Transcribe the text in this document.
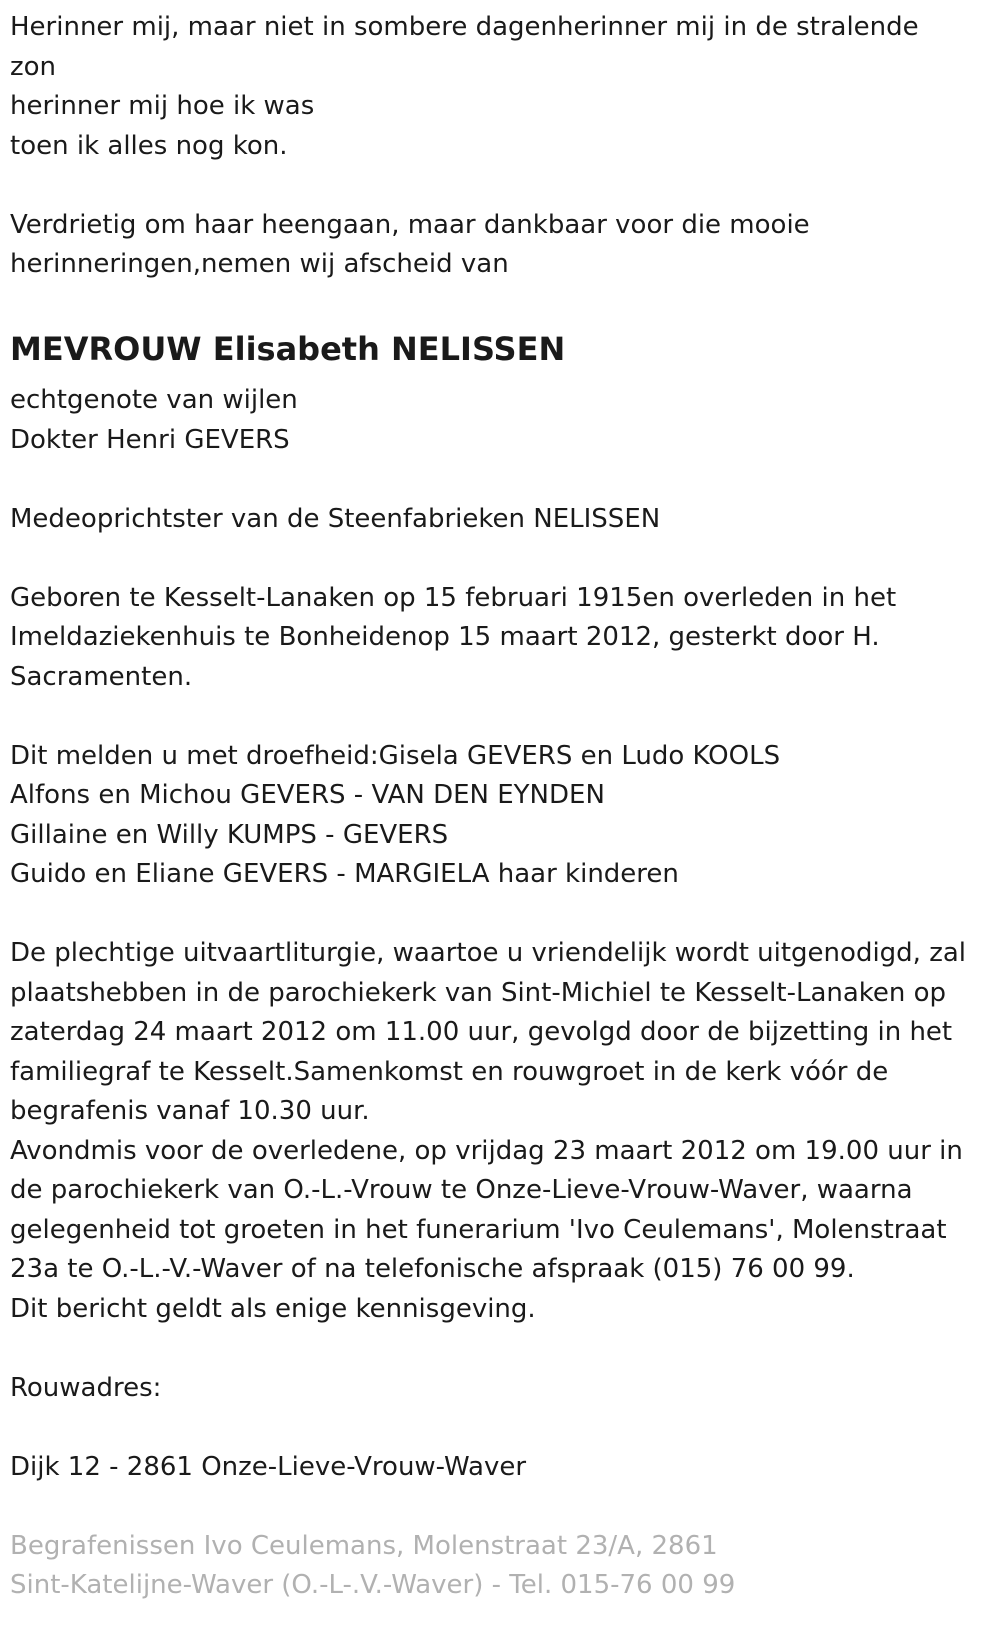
Herinner mij, maar niet in sombere dagenherinner mij in de stralende
zon
herinner mij hoe ik was
toen ik alles nog kon.
Verdrietig om haar heengaan, maar dankbaar voor die mooie
herinneringen,nemen wij afscheid van
MEVROUW Elisabeth NELISSEN
echtgenote van wijlen
Dokter Henri GEVERS
Medeoprichtster van de Steenfabrieken NELISSEN
Geboren te Kesselt-Lanaken op 15 februari 1915en overleden in het
Imeldaziekenhuis te Bonheidenop 15 maart 2012, gesterkt door H.
Sacramenten.
Dit melden u met droefheid:Gisela GEVERS en Ludo KOOLS
Alfons en Michou GEVERS - VAN DEN EYNDEN
Gillaine en Willy KUMPS - GEVERS
Guido en Eliane GEVERS - MARGIELA haar kinderen
De plechtige uitvaartliturgie, waartoe u vriendelijk wordt uitgenodigd, zal
plaatshebben in de parochiekerk van Sint-Michiel te Kesselt-Lanaken op
zaterdag 24 maart 2012 om 11.00 uur, gevolgd door de bijzetting in het
familiegraf te Kesselt.Samenkomst en rouwgroet in de kerk vóór de
begrafenis vanaf 10.30 uur.
Avondmis voor de overledene, op vrijdag 23 maart 2012 om 19.00 uur in
de parochiekerk van O.-L.-Vrouw te Onze-Lieve-Vrouw-Waver, waarna
gelegenheid tot groeten in het funerarium 'Ivo Ceulemans', Molenstraat
23a te O.-L.-V.-Waver of na telefonische afspraak (015) 76 00 99.
Dit bericht geldt als enige kennisgeving.
Rouwadres:
Dijk 12 - 2861 Onze-Lieve-Vrouw-Waver
Begrafenissen Ivo Ceulemans, Molenstraat 23/A, 2861
Sint-Katelijne-Waver (O.-L-.V.-Waver) - Tel. 015-76 00 99
